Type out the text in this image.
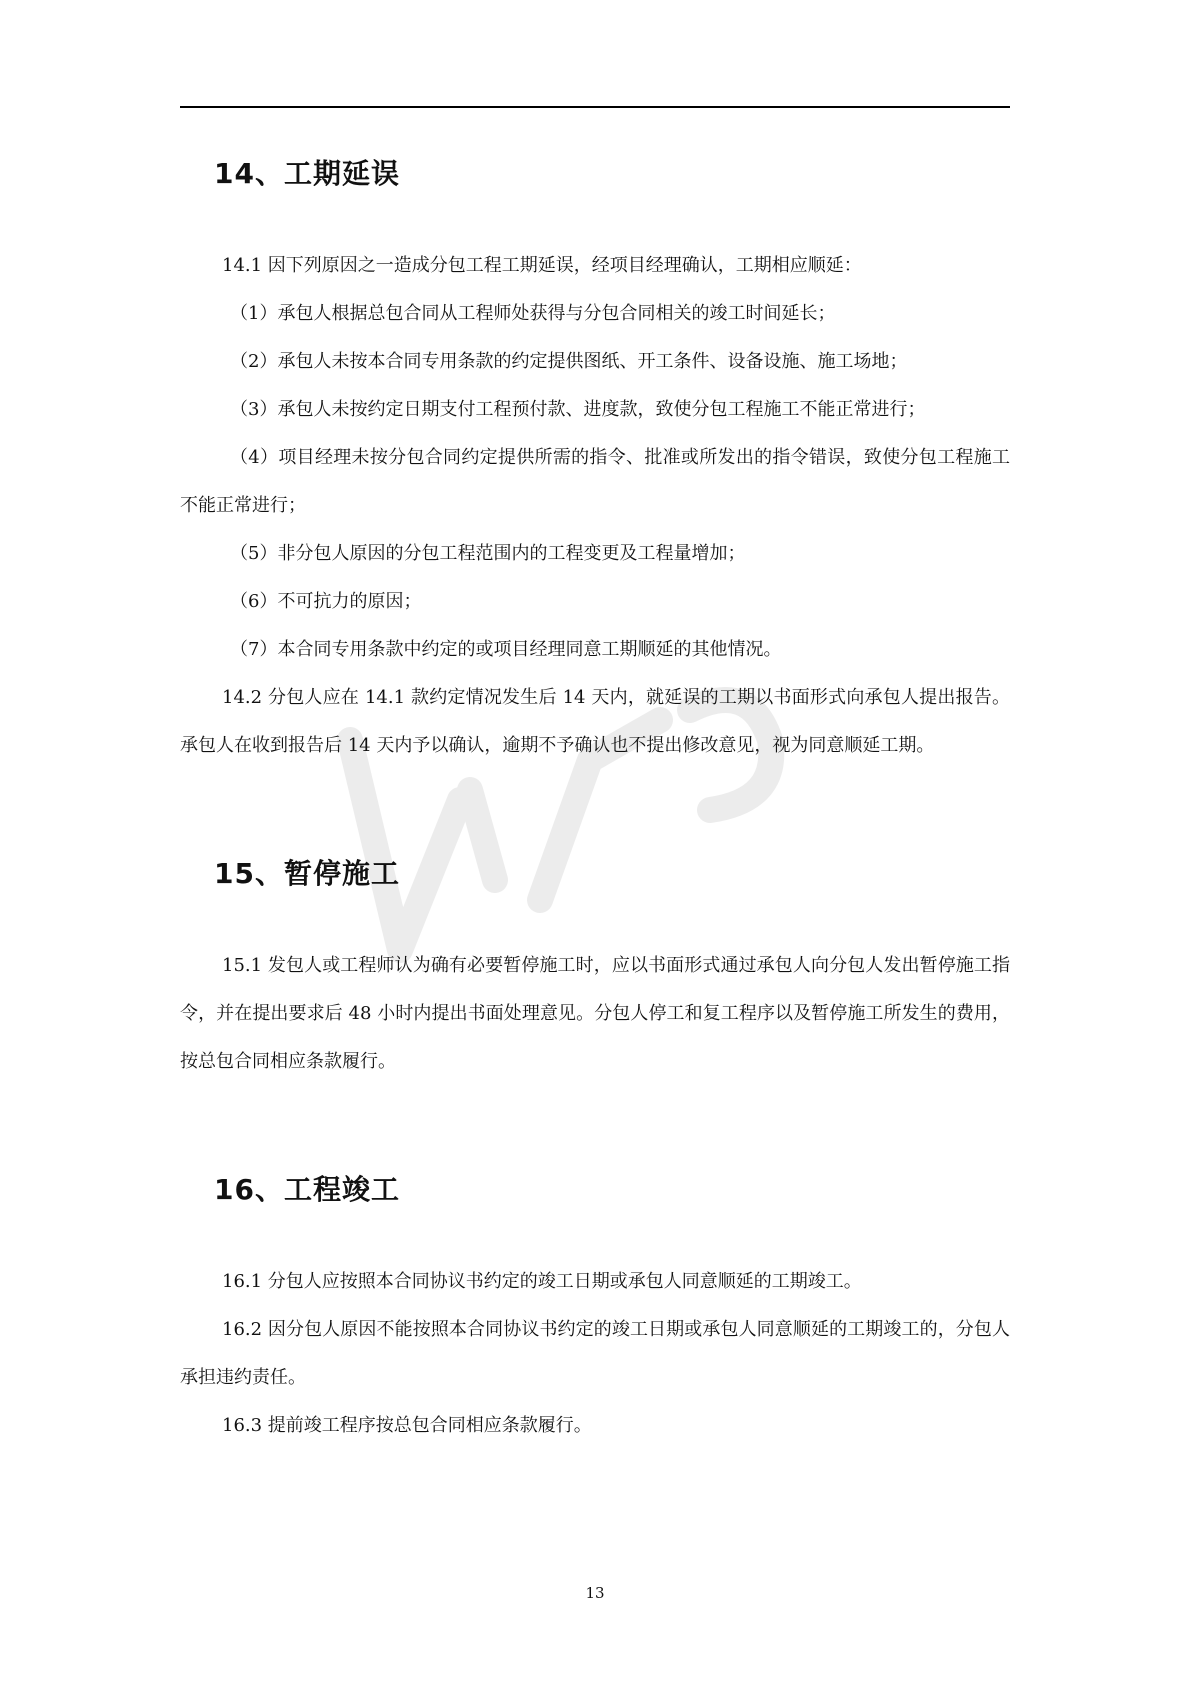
14、工期延误

14.1 因下列原因之一造成分包工程工期延误，经项目经理确认，工期相应顺延：

（1）承包人根据总包合同从工程师处获得与分包合同相关的竣工时间延长；

（2）承包人未按本合同专用条款的约定提供图纸、开工条件、设备设施、施工场地；

（3）承包人未按约定日期支付工程预付款、进度款，致使分包工程施工不能正常进行；

（4）项目经理未按分包合同约定提供所需的指令、批准或所发出的指令错误，致使分包工程施工不能正常进行；

（5）非分包人原因的分包工程范围内的工程变更及工程量增加；

（6）不可抗力的原因；

（7）本合同专用条款中约定的或项目经理同意工期顺延的其他情况。

14.2 分包人应在 14.1 款约定情况发生后 14 天内，就延误的工期以书面形式向承包人提出报告。承包人在收到报告后 14 天内予以确认，逾期不予确认也不提出修改意见，视为同意顺延工期。

15、暂停施工

15.1 发包人或工程师认为确有必要暂停施工时，应以书面形式通过承包人向分包人发出暂停施工指令，并在提出要求后 48 小时内提出书面处理意见。分包人停工和复工程序以及暂停施工所发生的费用，按总包合同相应条款履行。

16、工程竣工

16.1 分包人应按照本合同协议书约定的竣工日期或承包人同意顺延的工期竣工。

16.2 因分包人原因不能按照本合同协议书约定的竣工日期或承包人同意顺延的工期竣工的，分包人承担违约责任。

16.3 提前竣工程序按总包合同相应条款履行。

13
